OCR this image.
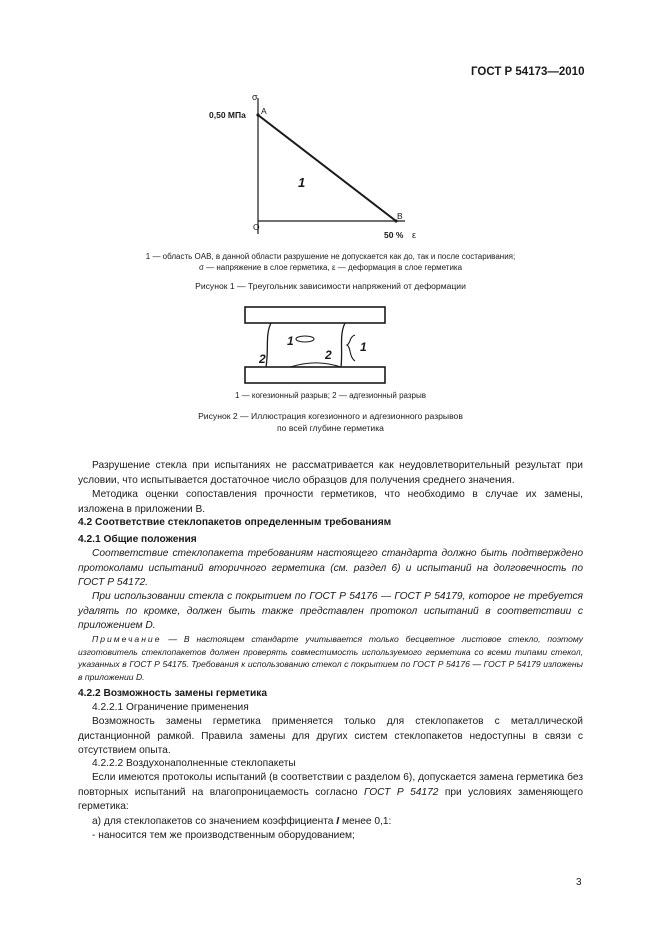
ГОСТ Р 54173—2010
σ
0,50 МПа A
O
B
1
50 % ε
1 — область OAB, в данной области разрушение не допускается как до, так и после состаривания;
σ — напряжение в слое герметика, ε — деформация в слое герметика
Рисунок 1 — Треугольник зависимости напряжений от деформации
1
2	2
1
1 — когезионный разрыв; 2 — адгезионный разрыв
Рисунок 2 — Иллюстрация когезионного и адгезионного разрывов
по всей глубине герметика
Разрушение стекла при испытаниях не рассматривается как неудовлетворительный результат при условии, что испытывается достаточное число образцов для получения среднего значения.
Методика оценки сопоставления прочности герметиков, что необходимо в случае их замены, изложена в приложении В.
4.2 Соответствие стеклопакетов определенным требованиям
4.2.1 Общие положения
Соответствие стеклопакета требованиям настоящего стандарта должно быть подтверждено протоколами испытаний вторичного герметика (см. раздел 6) и испытаний на долговечность по ГОСТ Р 54172.
При использовании стекла с покрытием по ГОСТ Р 54176 — ГОСТ Р 54179, которое не требуется удалять по кромке, должен быть также представлен протокол испытаний в соответствии с приложением D.
Примечание — В настоящем стандарте учитывается только бесцветное листовое стекло, поэтому изготовитель стеклопакетов должен проверять совместимость используемого герметика со всеми типами стекол, указанных в ГОСТ Р 54175. Требования к использованию стекол с покрытием по ГОСТ Р 54176 — ГОСТ Р 54179 изложены в приложении D.
4.2.2 Возможность замены герметика
4.2.2.1 Ограничение применения
Возможность замены герметика применяется только для стеклопакетов с металлической дистанционной рамкой. Правила замены для других систем стеклопакетов недоступны в связи с отсутствием опыта.
4.2.2.2 Воздухонаполненные стеклопакеты
Если имеются протоколы испытаний (в соответствии с разделом 6), допускается замена герметика без повторных испытаний на влагопроницаемость согласно ГОСТ Р 54172 при условиях заменяющего герметика:
а) для стеклопакетов со значением коэффициента I менее 0,1:
- наносится тем же производственным оборудованием;
3
